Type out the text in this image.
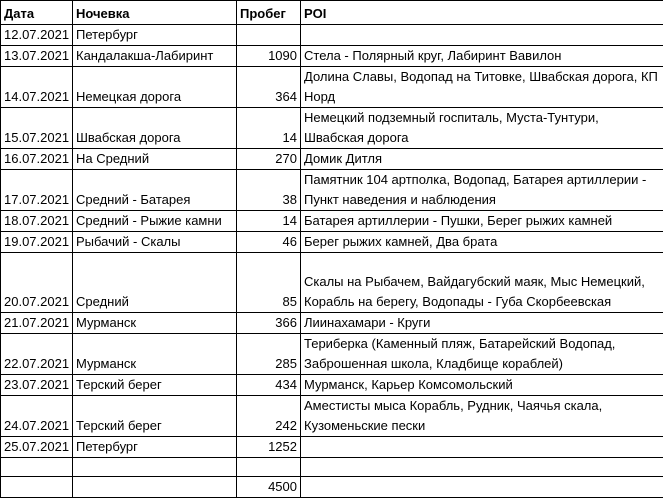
Дата	Ночевка	Пробег	POI
12.07.2021	Петербург		
13.07.2021	Кандалакша-Лабиринт	1090	Стела - Полярный круг, Лабиринт Вавилон
14.07.2021	Немецкая дорога	364	Долина Славы, Водопад на Титовке, Швабская дорога, КП Норд
15.07.2021	Швабская дорога	14	Немецкий подземный госпиталь, Муста-Тунтури, Швабская дорога
16.07.2021	На Средний	270	Домик Дитля
17.07.2021	Средний - Батарея	38	Памятник 104 артполка, Водопад, Батарея артиллерии - Пункт наведения и наблюдения
18.07.2021	Средний - Рыжие камни	14	Батарея артиллерии - Пушки, Берег рыжих камней
19.07.2021	Рыбачий - Скалы	46	Берег рыжих камней, Два брата
20.07.2021	Средний	85	Скалы на Рыбачем, Вайдагубский маяк, Мыс Немецкий, Корабль на берегу, Водопады - Губа Скорбеевская
21.07.2021	Мурманск	366	Лиинахамари - Круги
22.07.2021	Мурманск	285	Териберка (Каменный пляж, Батарейский Водопад, Заброшенная школа, Кладбище кораблей)
23.07.2021	Терский берег	434	Мурманск, Карьер Комсомольский
24.07.2021	Терский берег	242	Аместисты мыса Корабль, Рудник, Чаячья скала, Кузоменьские пески
25.07.2021	Петербург	1252	

		4500	
